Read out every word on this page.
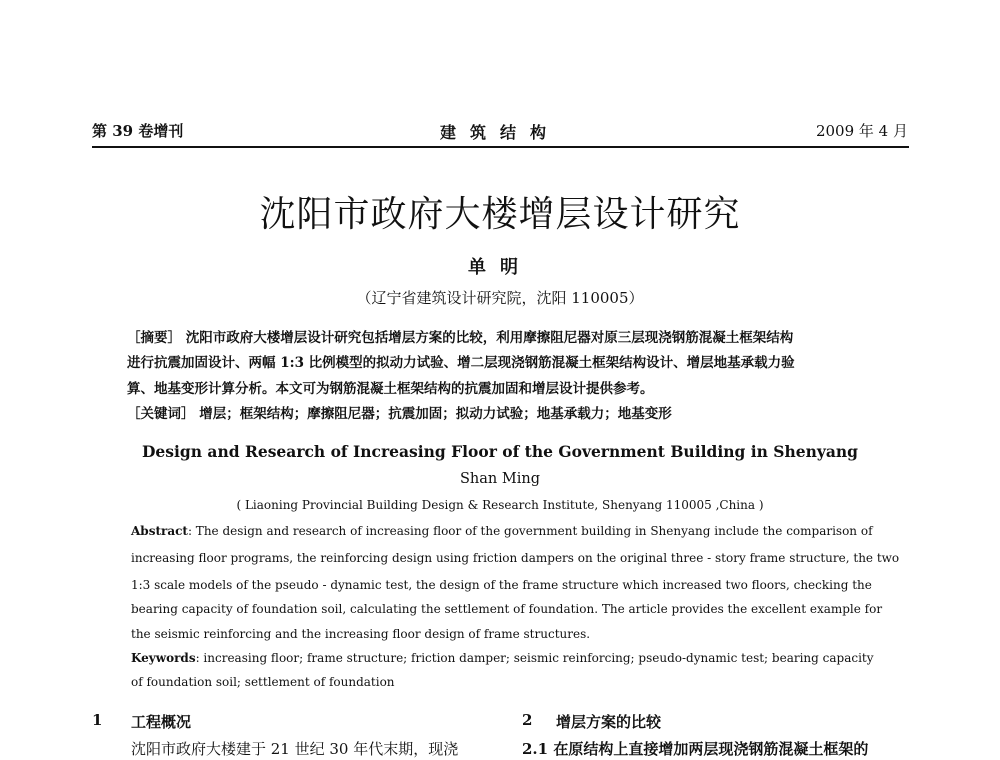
第 39 卷增刊	建筑结构	2009 年 4 月
沈阳市政府大楼增层设计研究
单明
（辽宁省建筑设计研究院，沈阳 110005）
［摘要］ 沈阳市政府大楼增层设计研究包括增层方案的比较，利用摩擦阻尼器对原三层现浇钢筋混凝土框架结构
进行抗震加固设计、两幅 1:3 比例模型的拟动力试验、增二层现浇钢筋混凝土框架结构设计、增层地基承载力验
算、地基变形计算分析。本文可为钢筋混凝土框架结构的抗震加固和增层设计提供参考。
［关键词］ 增层；框架结构；摩擦阻尼器；抗震加固；拟动力试验；地基承载力；地基变形
Design and Research of Increasing Floor of the Government Building in Shenyang
Shan Ming
( Liaoning Provincial Building Design & Research Institute, Shenyang 110005 ,China )
Abstract: The design and research of increasing floor of the government building in Shenyang include the comparison of
increasing floor programs, the reinforcing design using friction dampers on the original three - story frame structure, the two
1:3 scale models of the pseudo - dynamic test, the design of the frame structure which increased two floors, checking the
bearing capacity of foundation soil, calculating the settlement of foundation. The article provides the excellent example for
the seismic reinforcing and the increasing floor design of frame structures.
Keywords: increasing floor; frame structure; friction damper; seismic reinforcing; pseudo-dynamic test; bearing capacity
of foundation soil; settlement of foundation
1 工程概况	2 增层方案的比较
沈阳市政府大楼建于 21 世纪 30 年代末期，现浇	2.1 在原结构上直接增加两层现浇钢筋混凝土框架的
